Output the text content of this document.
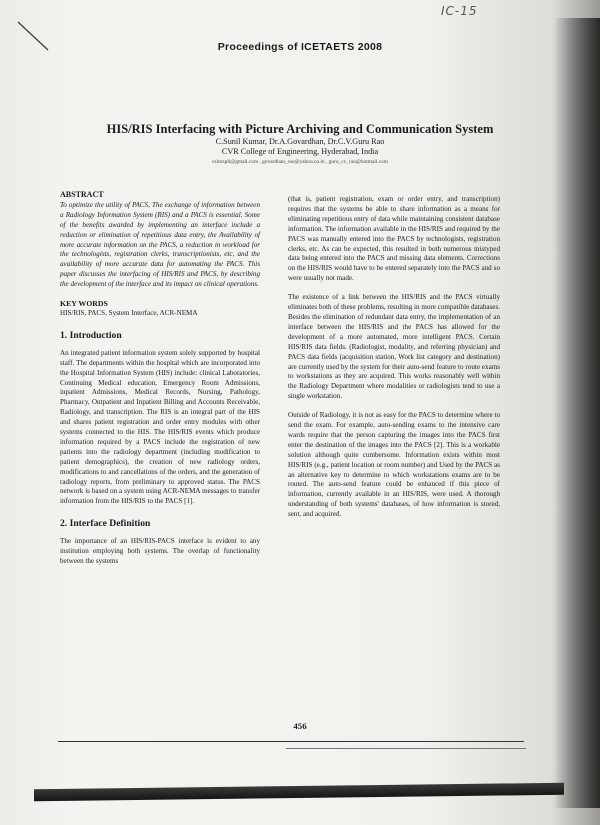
IC-15
Proceedings of ICETAETS 2008
HIS/RIS Interfacing with Picture Archiving and Communication System
C.Sunil Kumar, Dr.A.Govardhan, Dr.C.V.Guru Rao
CVR College of Engineering, Hyderabad, India
cslnrspll@gmail.com , govardhan_cse@yahoo.co.in , guru_cv_rao@hotmail.com
ABSTRACT

To optimize the utility of PACS, The exchange of information between a Radiology Information System (RIS) and a PACS is essential. Some of the benefits awarded by implementing an interface include a reduction or elimination of repetitious data entry, the Availability of more accurate information on the PACS, a reduction in workload for the technologists, registration clerks, transcriptionists, etc, and the availability of more accurate data for automating the PACS. This paper discusses the interfacing of HIS/RIS and PACS, by describing the development of the interface and its impact on clinical operations.

KEY WORDS

HIS/RIS, PACS, System Interface, ACR-NEMA

1. Introduction

An integrated patient information system solely supported by hospital staff. The departments within the hospital which are incorporated into the Hospital Information System (HIS) include: clinical Laboratories, Continuing Medical education, Emergency Room Admissions, inpatient Admissions, Medical Records, Nursing, Pathology, Pharmacy, Outpatient and Inpatient Billing and Accounts Receivable, Radiology, and transcription. The RIS is an integral part of the HIS and shares patient registration and order entry modules with other systems connected to the HIS. The HIS/RIS events which produce information required by a PACS include the registration of new patients into the radiology department (including modification to patient demographics), the creation of new radiology orders, modifications to and cancellations of the orders, and the generation of radiology reports, from preliminary to approved status. The PACS network is based on a system using ACR-NEMA messages to transfer information from the HIS/RIS to the PACS [1].

2. Interface Definition

The importance of an HIS/RIS-PACS interface is evident to any institution employing both systems. The overlap of functionality between the systems

(that is, patient registration, exam or order entry, and transcription) requires that the systems be able to share information as a means for eliminating repetitious entry of data while maintaining consistent database information. The information available in the HIS/RIS and required by the PACS was manually entered into the PACS by technologists, registration clerks, etc. As can be expected, this resulted in both numerous mistyped data being entered into the PACS and missing data elements. Corrections on the HIS/RIS would have to be entered separately into the PACS and so were usually not made.

The existence of a link between the HIS/RIS and the PACS virtually eliminates both of these problems, resulting in more compatible databases. Besides the elimination of redundant data entry, the implementation of an interface between the HIS/RIS and the PACS has allowed for the development of a more automated, more intelligent PACS. Certain HIS/RIS data fields. (Radiologist, modality, and referring physician) and PACS data fields (acquisition station, Work list category and destination) are currently used by the system for their auto-send feature to route exams to workstations as they are acquired. This works reasonably well within the Radiology Department where modalities or radiologists tend to use a single workstation.

Outside of Radiology, it is not as easy for the PACS to determine where to send the exam. For example, auto-sending exams to the intensive care wards require that the person capturing the images into the PACS first enter the destination of the images into the PACS [2]. This is a workable solution although quite cumbersome. Information exists within most HIS/RIS (e.g., patient location or room number) and Used by the PACS as an alternative key to determine to which workstations exams are to be routed. The auto-send feature could be enhanced if this piece of information, currently available in an HIS/RIS, were used. A thorough understanding of both systems' databases, of how information is stored, sent, and acquired.

456
